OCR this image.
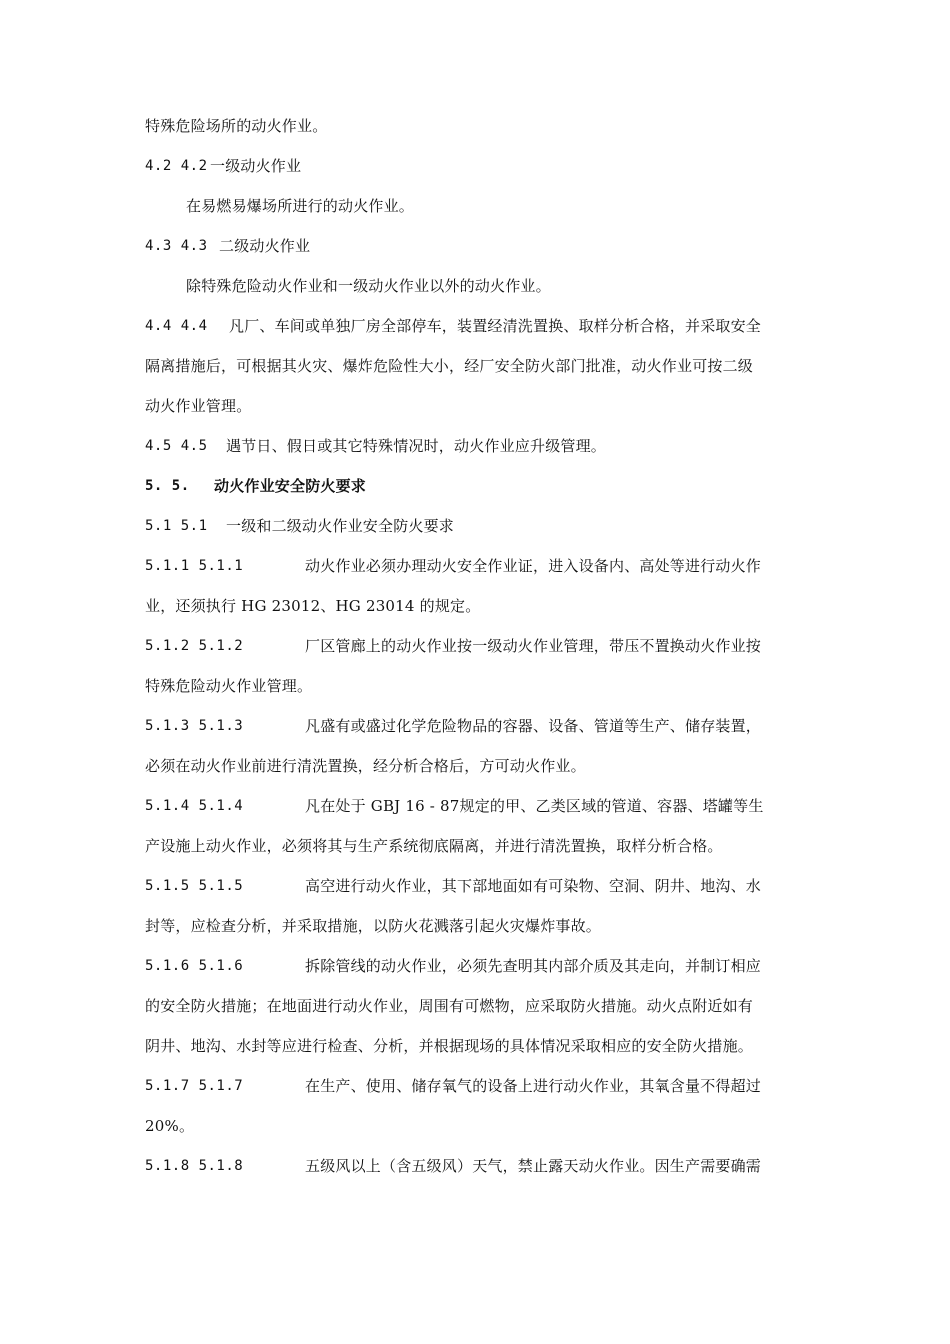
特殊危险场所的动火作业。
4.2 4.2 一级动火作业
在易燃易爆场所进行的动火作业。
4.3 4.3 二级动火作业
除特殊危险动火作业和一级动火作业以外的动火作业。
4.4 4.4 凡厂、车间或单独厂房全部停车，装置经清洗置换、取样分析合格，并采取安全
隔离措施后，可根据其火灾、爆炸危险性大小，经厂安全防火部门批准，动火作业可按二级
动火作业管理。
4.5 4.5 遇节日、假日或其它特殊情况时，动火作业应升级管理。
5. 5. 动火作业安全防火要求
5.1 5.1 一级和二级动火作业安全防火要求
5.1.1 5.1.1	动火作业必须办理动火安全作业证，进入设备内、高处等进行动火作
业，还须执行 HG 23012、HG 23014 的规定。
5.1.2 5.1.2	厂区管廊上的动火作业按一级动火作业管理，带压不置换动火作业按
特殊危险动火作业管理。
5.1.3 5.1.3	凡盛有或盛过化学危险物品的容器、设备、管道等生产、储存装置，
必须在动火作业前进行清洗置换，经分析合格后，方可动火作业。
5.1.4 5.1.4	凡在处于 GBJ 16 - 87规定的甲、乙类区域的管道、容器、塔罐等生
产设施上动火作业，必须将其与生产系统彻底隔离，并进行清洗置换，取样分析合格。
5.1.5 5.1.5	高空进行动火作业，其下部地面如有可染物、空洞、阴井、地沟、水
封等，应检查分析，并采取措施，以防火花溅落引起火灾爆炸事故。
5.1.6 5.1.6	拆除管线的动火作业，必须先查明其内部介质及其走向，并制订相应
的安全防火措施；在地面进行动火作业，周围有可燃物，应采取防火措施。动火点附近如有
阴井、地沟、水封等应进行检查、分析，并根据现场的具体情况采取相应的安全防火措施。
5.1.7 5.1.7	在生产、使用、储存氧气的设备上进行动火作业，其氧含量不得超过
20%。
5.1.8 5.1.8	五级风以上（含五级风）天气，禁止露天动火作业。因生产需要确需
